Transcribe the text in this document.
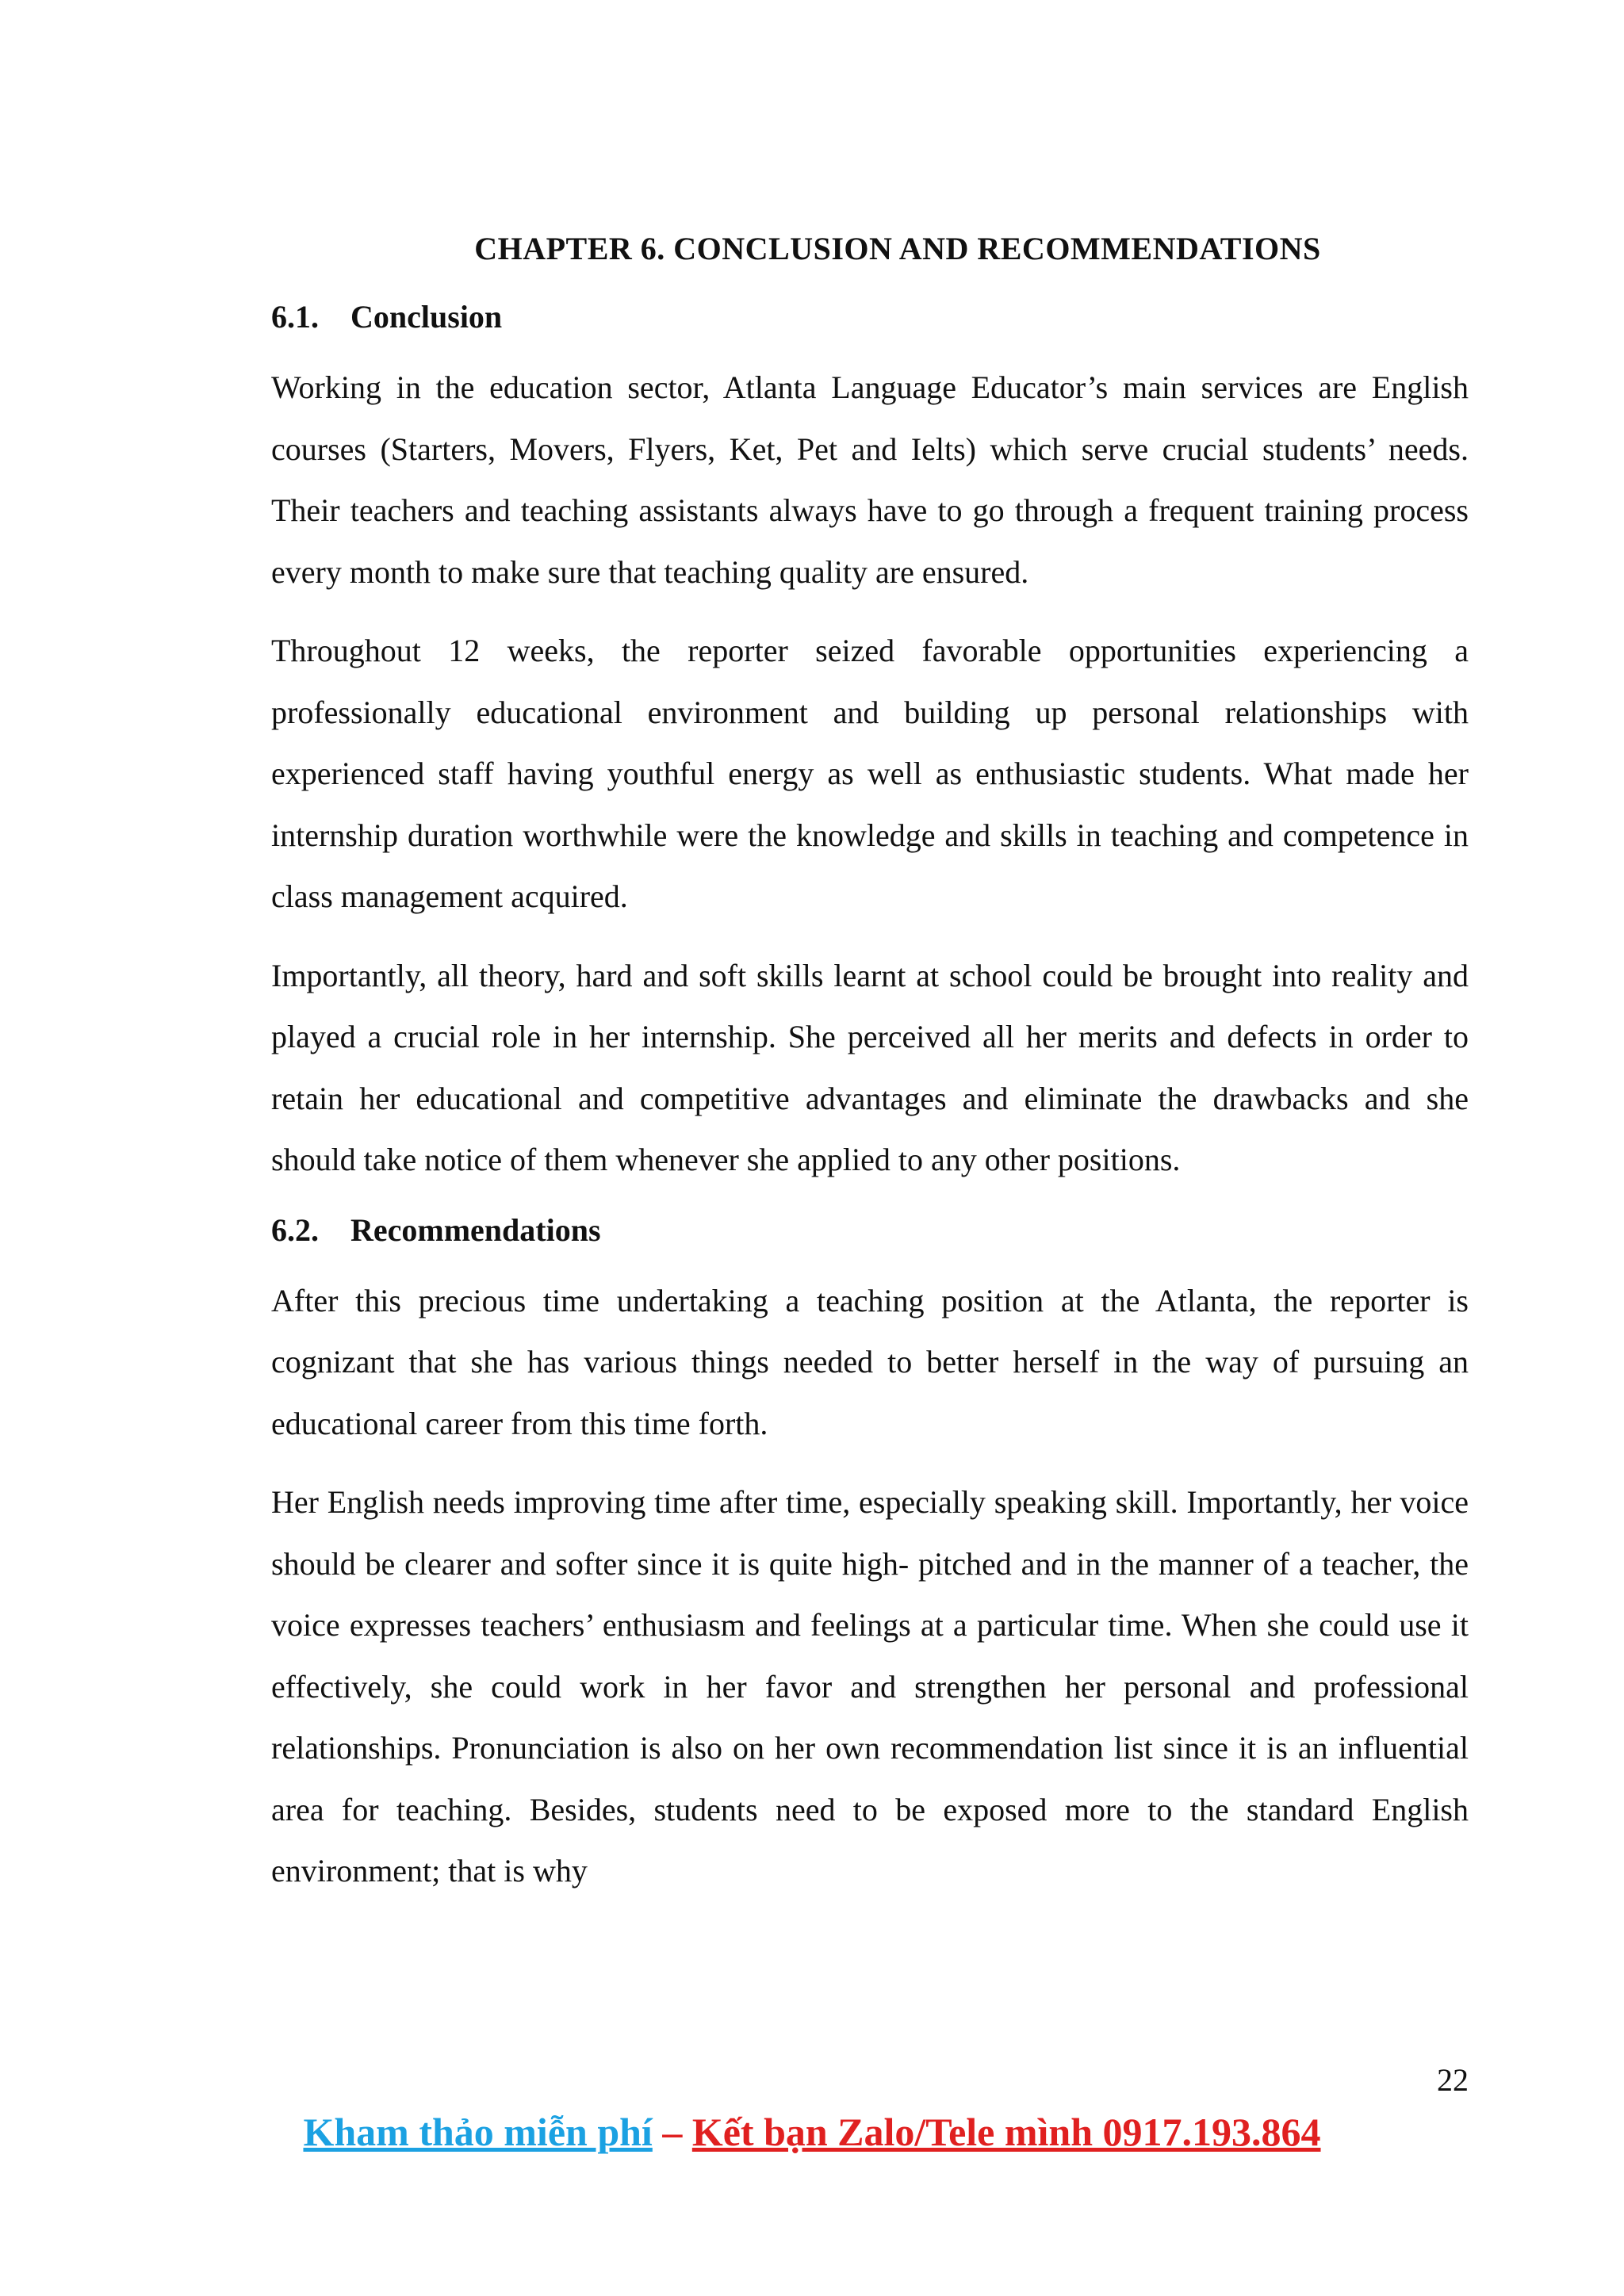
CHAPTER 6. CONCLUSION AND RECOMMENDATIONS
6.1. Conclusion

Working in the education sector, Atlanta Language Educator’s main services are English courses (Starters, Movers, Flyers, Ket, Pet and Ielts) which serve crucial students’ needs. Their teachers and teaching assistants always have to go through a frequent training process every month to make sure that teaching quality are ensured.

Throughout 12 weeks, the reporter seized favorable opportunities experiencing a professionally educational environment and building up personal relationships with experienced staff having youthful energy as well as enthusiastic students. What made her internship duration worthwhile were the knowledge and skills in teaching and competence in class management acquired.

Importantly, all theory, hard and soft skills learnt at school could be brought into reality and played a crucial role in her internship. She perceived all her merits and defects in order to retain her educational and competitive advantages and eliminate the drawbacks and she should take notice of them whenever she applied to any other positions.

6.2. Recommendations

After this precious time undertaking a teaching position at the Atlanta, the reporter is cognizant that she has various things needed to better herself in the way of pursuing an educational career from this time forth.

Her English needs improving time after time, especially speaking skill. Importantly, her voice should be clearer and softer since it is quite high- pitched and in the manner of a teacher, the voice expresses teachers’ enthusiasm and feelings at a particular time. When she could use it effectively, she could work in her favor and strengthen her personal and professional relationships. Pronunciation is also on her own recommendation list since it is an influential area for teaching. Besides, students need to be exposed more to the standard English environment; that is why

22
Kham thảo miễn phí – Kết bạn Zalo/Tele mình 0917.193.864
